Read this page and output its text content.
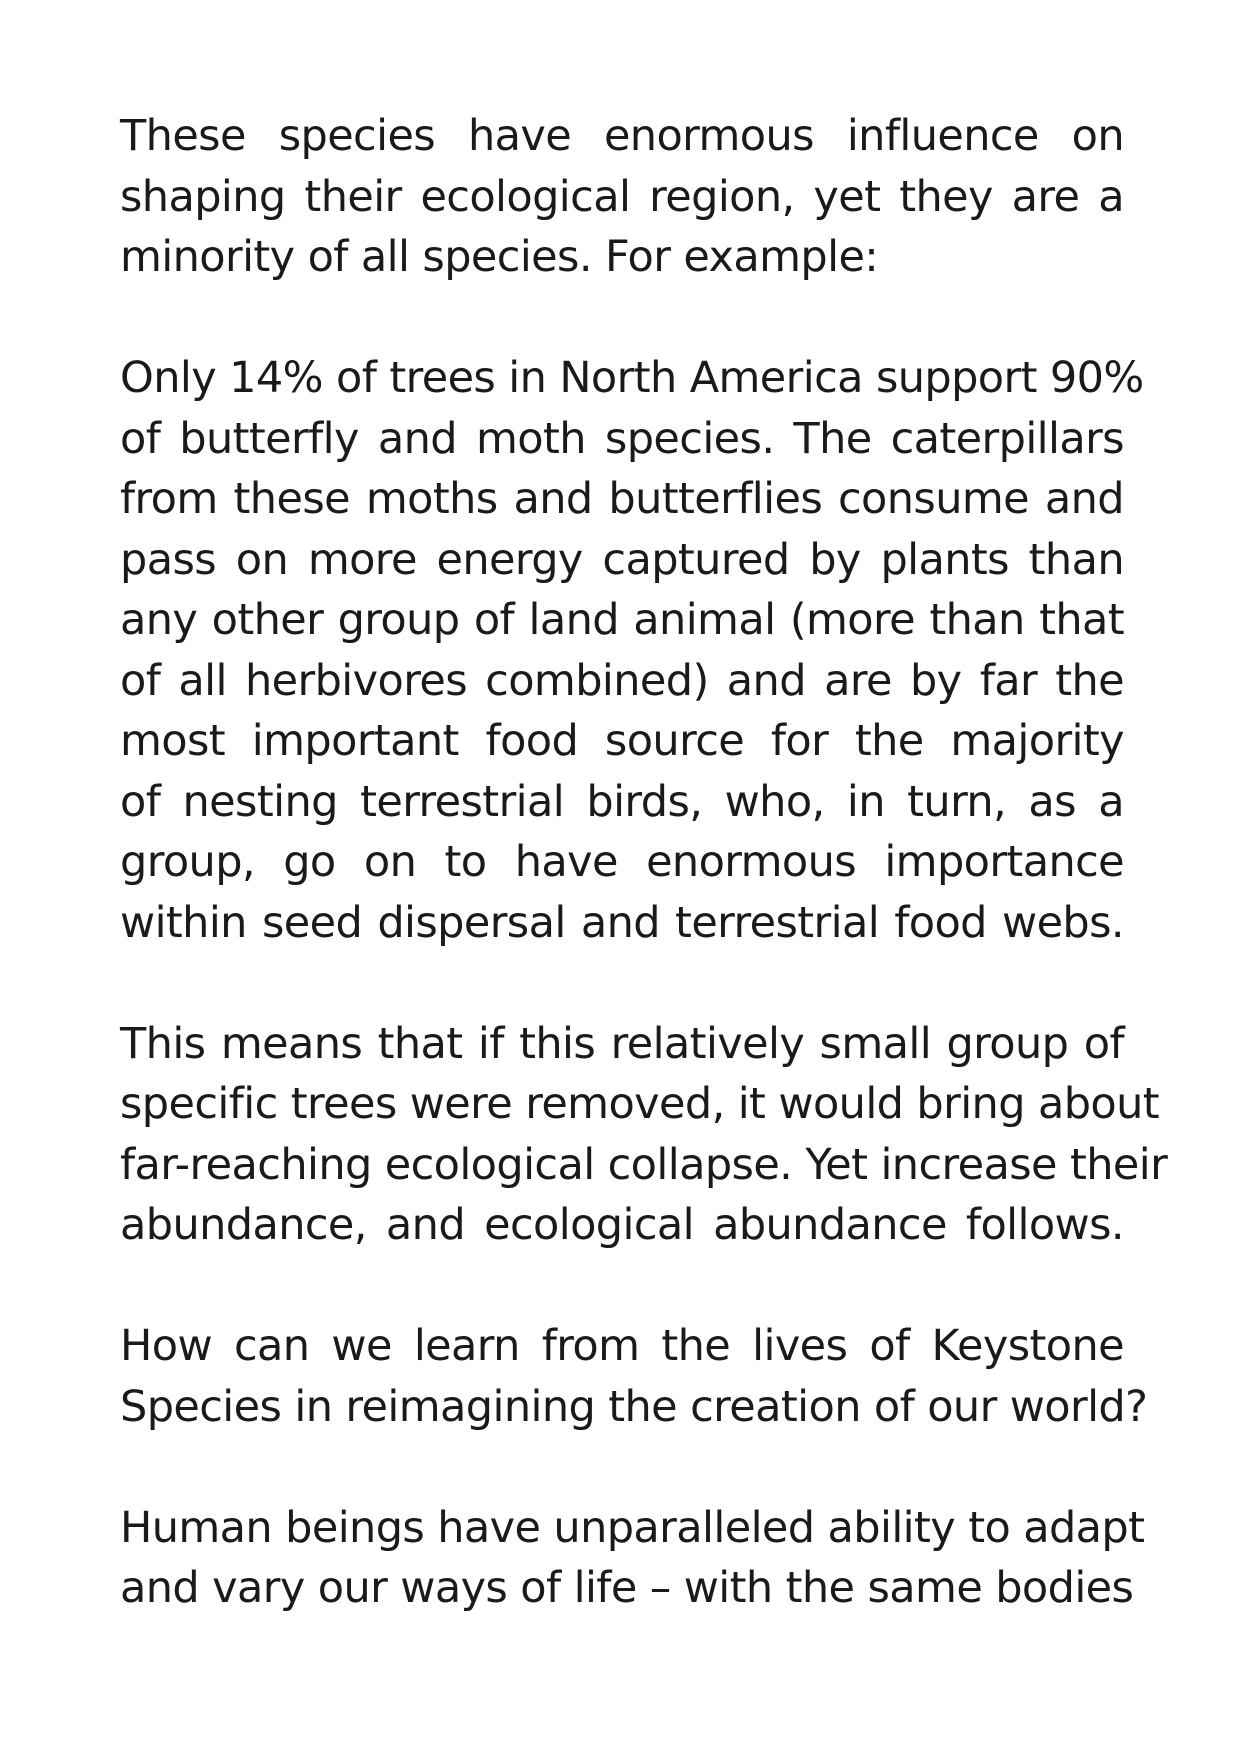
These species have enormous influence on
shaping their ecological region, yet they are a
minority of all species. For example:

Only 14% of trees in North America support 90%
of butterfly and moth species. The caterpillars
from these moths and butterflies consume and
pass on more energy captured by plants than
any other group of land animal (more than that
of all herbivores combined) and are by far the
most important food source for the majority
of nesting terrestrial birds, who, in turn, as a
group, go on to have enormous importance
within seed dispersal and terrestrial food webs.

This means that if this relatively small group of
specific trees were removed, it would bring about
far-reaching ecological collapse. Yet increase their
abundance, and ecological abundance follows.

How can we learn from the lives of Keystone
Species in reimagining the creation of our world?

Human beings have unparalleled ability to adapt
and vary our ways of life – with the same bodies
